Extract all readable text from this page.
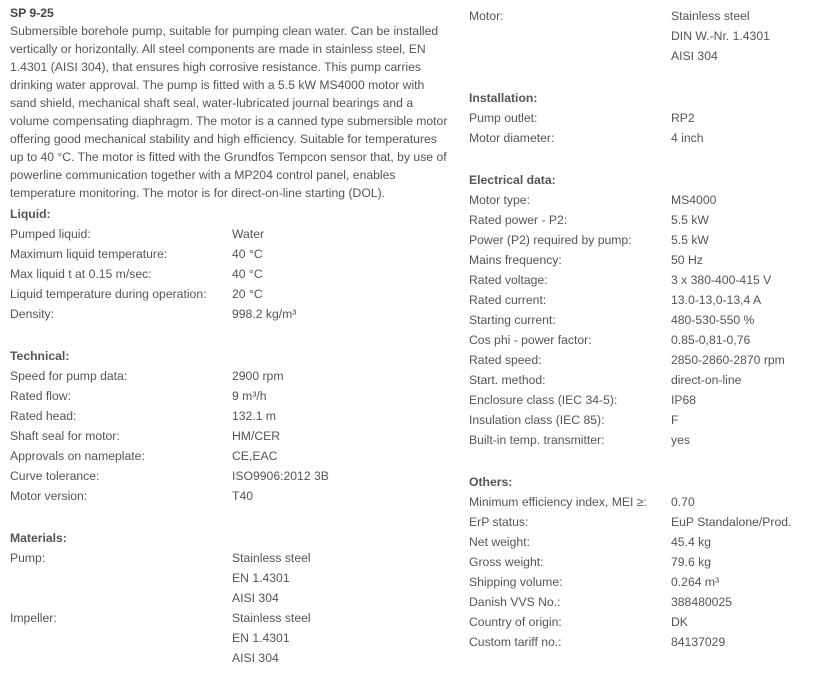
SP 9-25

Submersible borehole pump, suitable for pumping clean water. Can be installed vertically or horizontally. All steel components are made in stainless steel, EN 1.4301 (AISI 304), that ensures high corrosive resistance. This pump carries drinking water approval. The pump is fitted with a 5.5 kW MS4000 motor with sand shield, mechanical shaft seal, water-lubricated journal bearings and a volume compensating diaphragm. The motor is a canned type submersible motor offering good mechanical stability and high efficiency. Suitable for temperatures up to 40 °C. The motor is fitted with the Grundfos Tempcon sensor that, by use of powerline communication together with a MP204 control panel, enables temperature monitoring. The motor is for direct-on-line starting (DOL).

Liquid:
Pumped liquid:	Water
Maximum liquid temperature:	40 °C
Max liquid t at 0.15 m/sec:	40 °C
Liquid temperature during operation:	20 °C
Density:	998.2 kg/m³
Technical:
Speed for pump data:	2900 rpm
Rated flow:	9 m³/h
Rated head:	132.1 m
Shaft seal for motor:	HM/CER
Approvals on nameplate:	CE,EAC
Curve tolerance:	ISO9906:2012 3B
Motor version:	T40
Materials:
Pump:	Stainless steel
EN 1.4301
AISI 304
Impeller:	Stainless steel
EN 1.4301
AISI 304
Motor:	Stainless steel
DIN W.-Nr. 1.4301
AISI 304
Installation:
Pump outlet:	RP2
Motor diameter:	4 inch
Electrical data:
Motor type:	MS4000
Rated power - P2:	5.5 kW
Power (P2) required by pump:	5.5 kW
Mains frequency:	50 Hz
Rated voltage:	3 x 380-400-415 V
Rated current:	13.0-13,0-13,4 A
Starting current:	480-530-550 %
Cos phi - power factor:	0.85-0,81-0,76
Rated speed:	2850-2860-2870 rpm
Start. method:	direct-on-line
Enclosure class (IEC 34-5):	IP68
Insulation class (IEC 85):	F
Built-in temp. transmitter:	yes
Others:
Minimum efficiency index, MEI ≥:	0.70
ErP status:	EuP Standalone/Prod.
Net weight:	45.4 kg
Gross weight:	79.6 kg
Shipping volume:	0.264 m³
Danish VVS No.:	388480025
Country of origin:	DK
Custom tariff no.:	84137029
